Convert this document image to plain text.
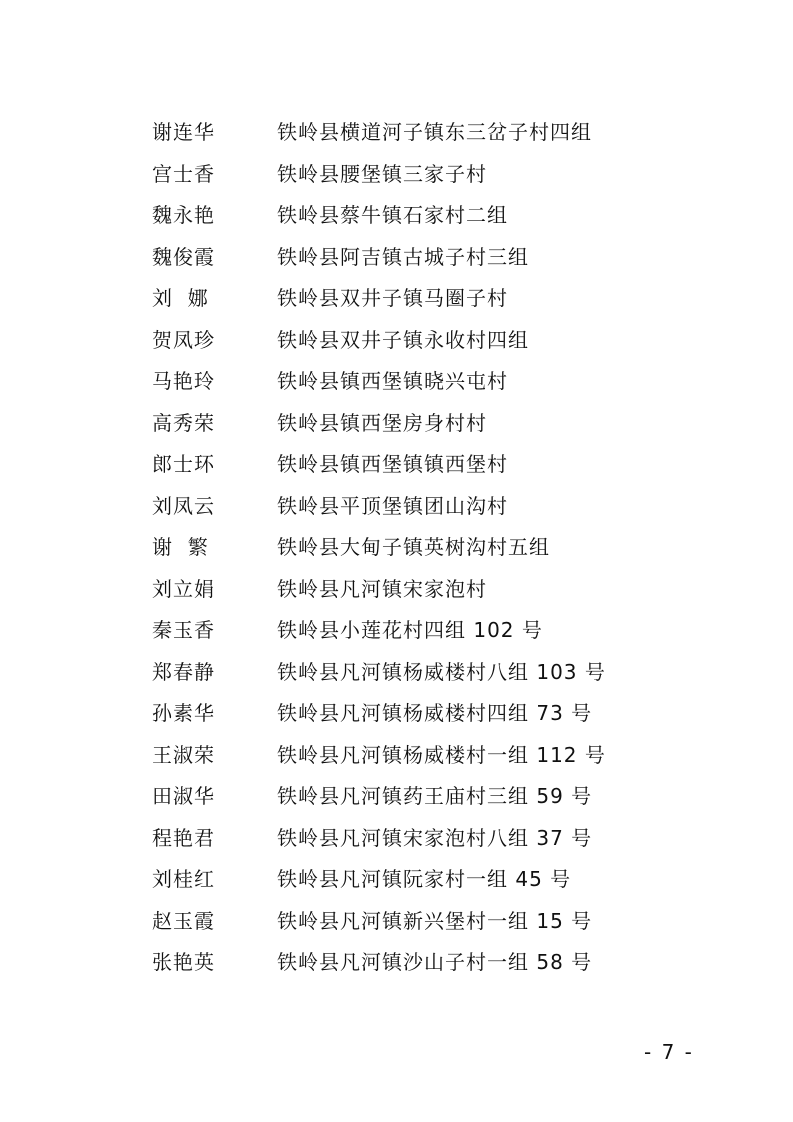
谢连华	铁岭县横道河子镇东三岔子村四组
宫士香	铁岭县腰堡镇三家子村
魏永艳	铁岭县蔡牛镇石家村二组
魏俊霞	铁岭县阿吉镇古城子村三组
刘  娜	铁岭县双井子镇马圈子村
贺凤珍	铁岭县双井子镇永收村四组
马艳玲	铁岭县镇西堡镇晓兴屯村
高秀荣	铁岭县镇西堡房身村村
郎士环	铁岭县镇西堡镇镇西堡村
刘凤云	铁岭县平顶堡镇团山沟村
谢  繁	铁岭县大甸子镇英树沟村五组
刘立娟	铁岭县凡河镇宋家泡村
秦玉香	铁岭县小莲花村四组 102 号
郑春静	铁岭县凡河镇杨威楼村八组 103 号
孙素华	铁岭县凡河镇杨威楼村四组 73 号
王淑荣	铁岭县凡河镇杨威楼村一组 112 号
田淑华	铁岭县凡河镇药王庙村三组 59 号
程艳君	铁岭县凡河镇宋家泡村八组 37 号
刘桂红	铁岭县凡河镇阮家村一组 45 号
赵玉霞	铁岭县凡河镇新兴堡村一组 15 号
张艳英	铁岭县凡河镇沙山子村一组 58 号
- 7 -
